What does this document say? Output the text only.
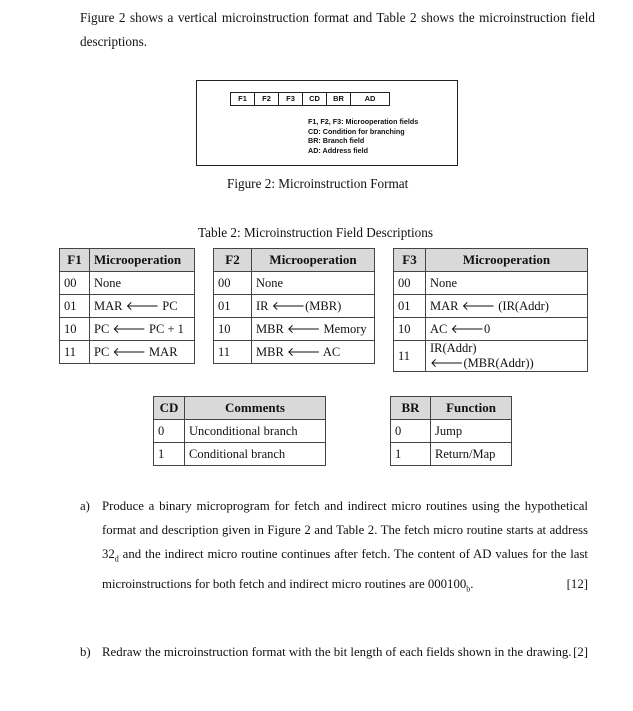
Figure 2 shows a vertical microinstruction format and Table 2 shows the microinstruction field descriptions.
F1	F2	F3	CD	BR	AD
F1, F2, F3: Microoperation fields
CD: Condition for branching
BR: Branch field
AD: Address field
Figure 2: Microinstruction Format
Table 2: Microinstruction Field Descriptions
F1	Microoperation
00	None
01	MAR 🡐 PC
10	PC 🡐 PC + 1
11	PC 🡐 MAR
F2	Microoperation
00	None
01	IR 🡐(MBR)
10	MBR 🡐 Memory
11	MBR 🡐 AC
F3	Microoperation
00	None
01	MAR 🡐 (IR(Addr)
10	AC 🡐0
11	IR(Addr) 🡐(MBR(Addr))
CD	Comments
0	Unconditional branch
1	Conditional branch
BR	Function
0	Jump
1	Return/Map
a) Produce a binary microprogram for fetch and indirect micro routines using the hypothetical format and description given in Figure 2 and Table 2. The fetch micro routine starts at address $32_d$ and the indirect micro routine continues after fetch. The content of AD values for the last microinstructions for both fetch and indirect micro routines are $000100_b$.	[12]
b) Redraw the microinstruction format with the bit length of each fields shown in the drawing. [2]
